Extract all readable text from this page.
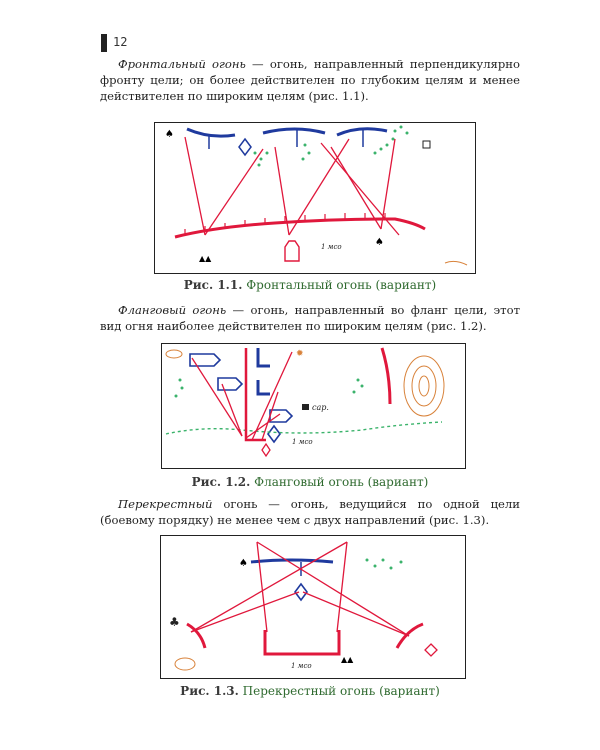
12

Фронтальный огонь — огонь, направленный перпендикулярно фронту цели; он более действителен по глубоким целям и менее действителен по широким целям (рис. 1.1).

♠
1 мсо	♠
▲▲
Рис. 1.1. Фронтальный огонь (вариант)

Фланговый огонь — огонь, направленный во фланг цели, этот вид огня наиболее действителен по широким целям (рис. 1.2).

сар.
1 мсо
✹
Рис. 1.2. Фланговый огонь (вариант)

Перекрестный огонь — огонь, ведущийся по одной цели (боевому порядку) не менее чем с двух направлений (рис. 1.3).

♠
1 мсо
▲▲
♣
Рис. 1.3. Перекрестный огонь (вариант)
